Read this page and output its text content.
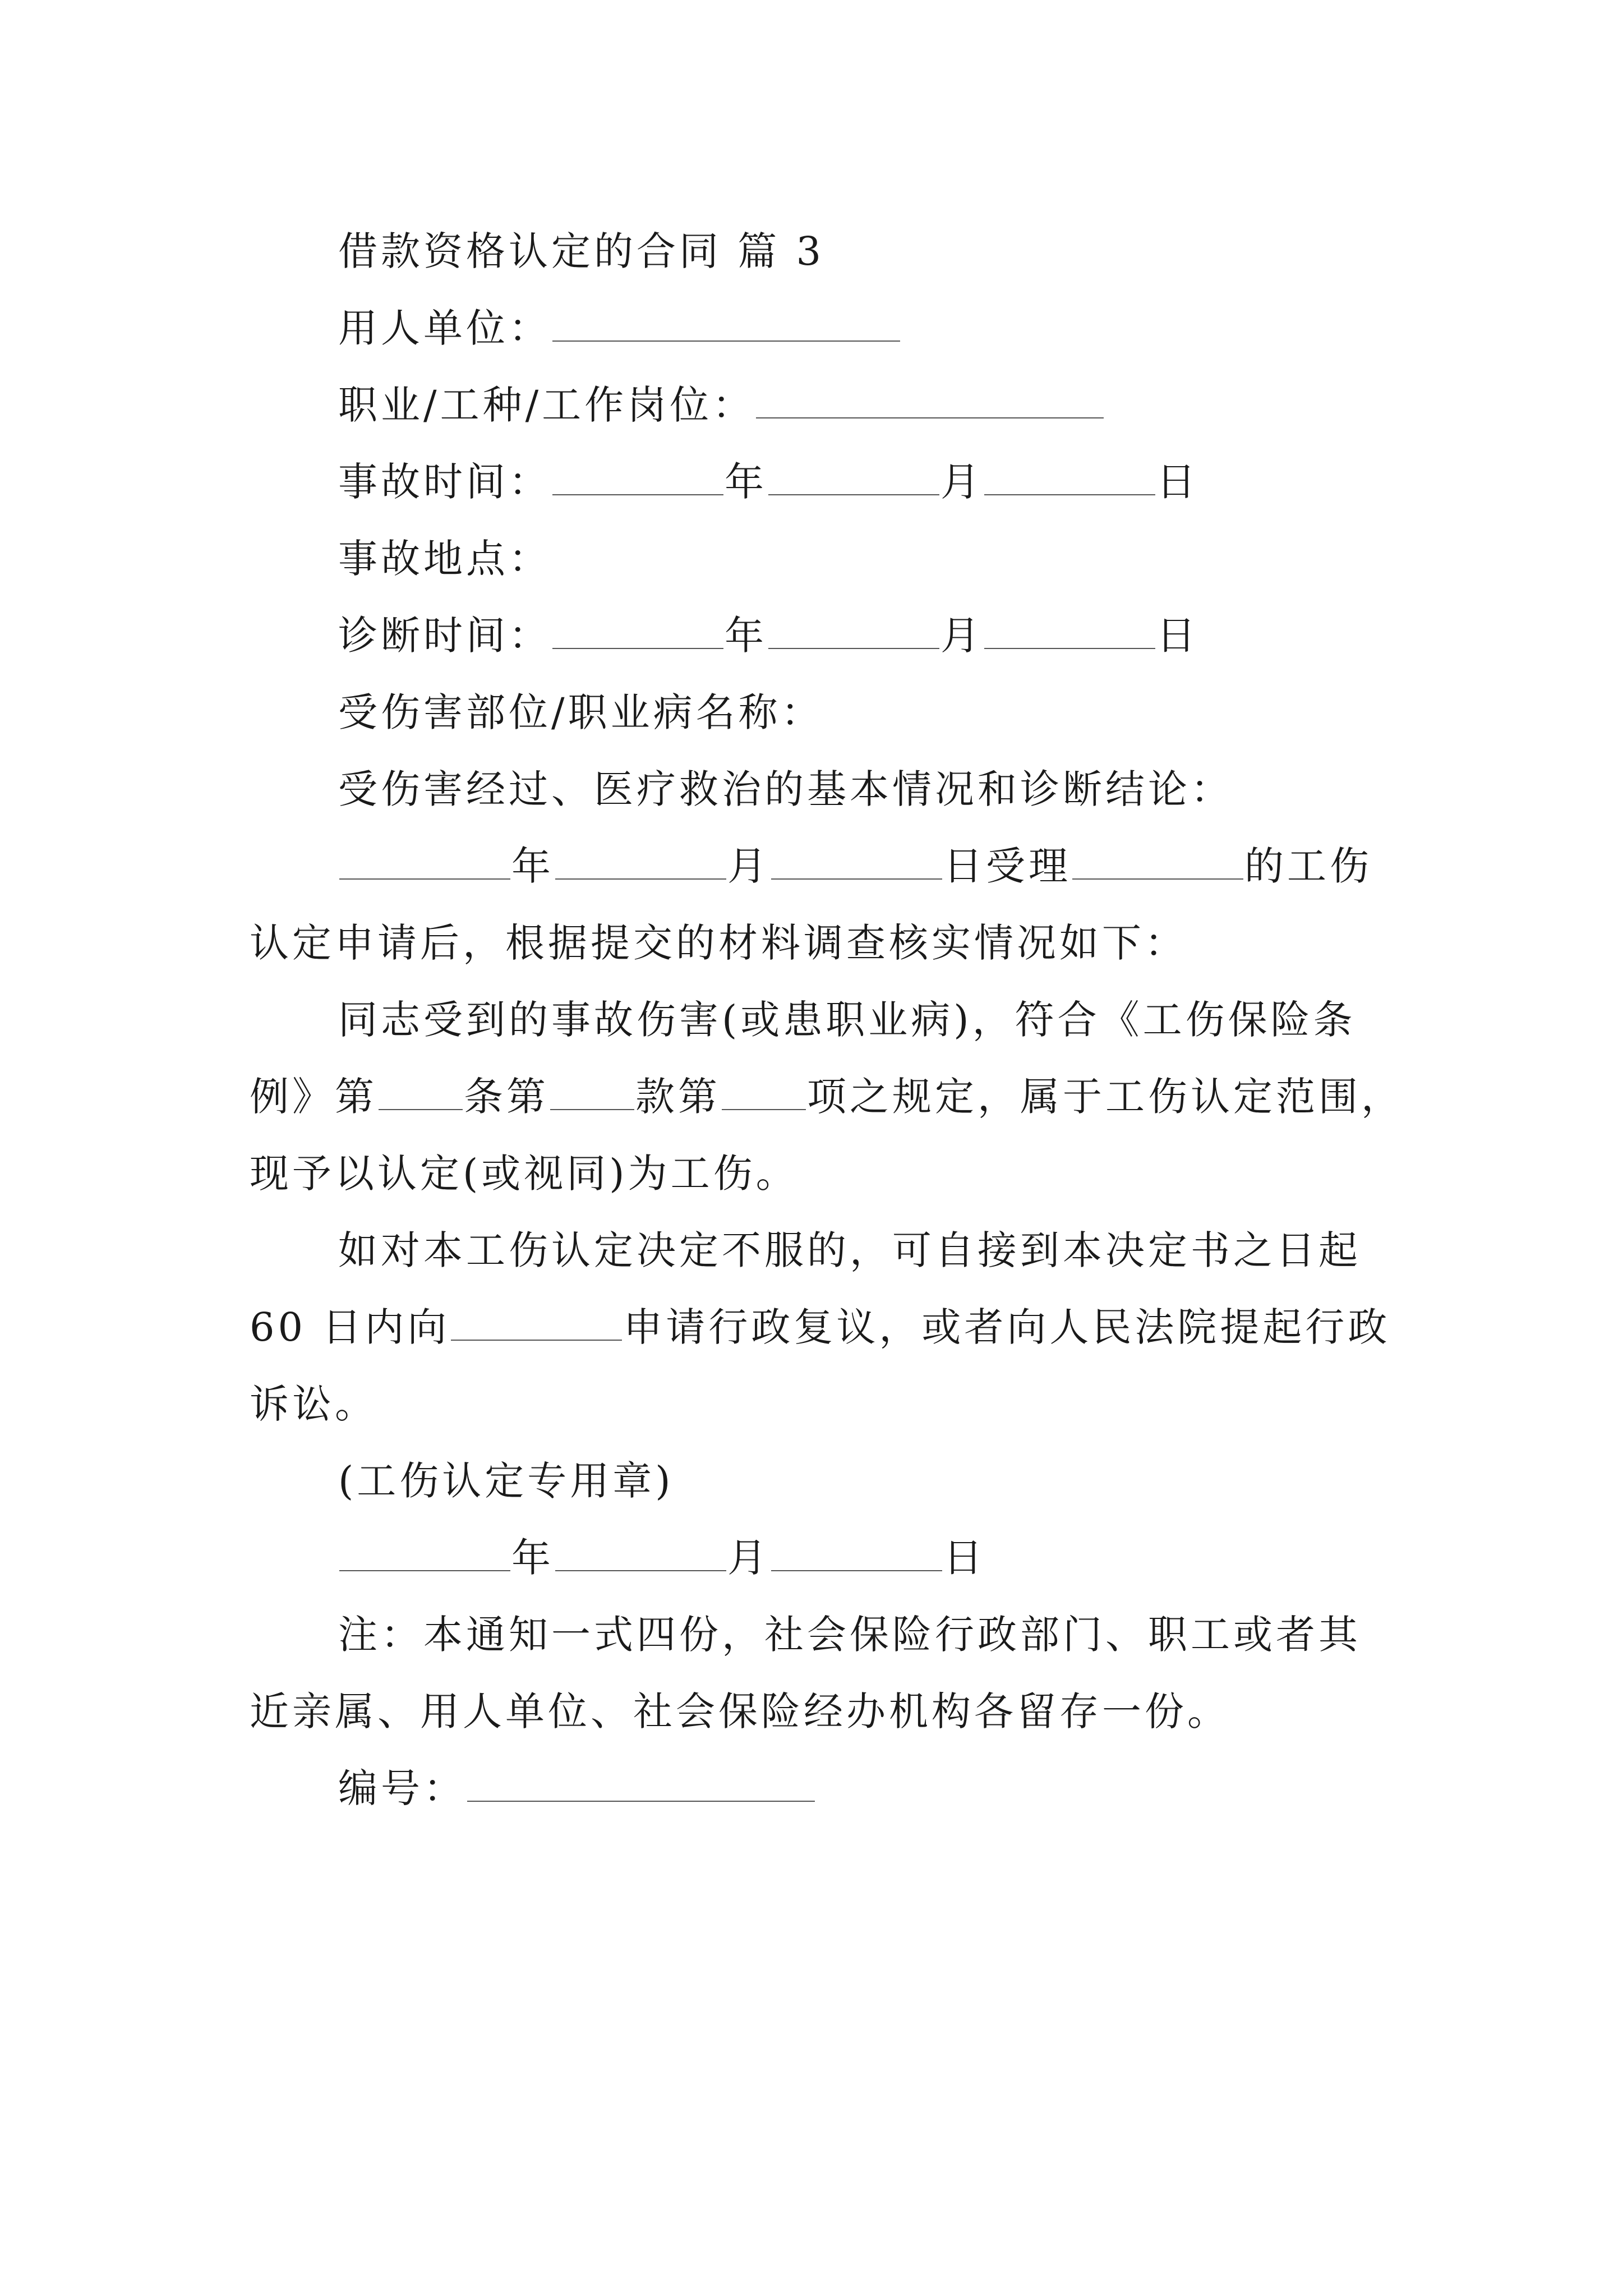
借款资格认定的合同 篇 3
用人单位：
职业/工种/工作岗位：
事故时间：	年	月	日
事故地点：
诊断时间：	年	月	日
受伤害部位/职业病名称：
受伤害经过、医疗救治的基本情况和诊断结论：
年	月	日受理	的工伤
认定申请后，根据提交的材料调查核实情况如下：
同志受到的事故伤害(或患职业病)，符合《工伤保险条
例》第 条第 款第 项之规定，属于工伤认定范围，
现予以认定(或视同)为工伤。
如对本工伤认定决定不服的，可自接到本决定书之日起
60 日内向	申请行政复议，或者向人民法院提起行政
诉讼。
(工伤认定专用章)
年	月	日
注：本通知一式四份，社会保险行政部门、职工或者其
近亲属、用人单位、社会保险经办机构各留存一份。
编号：
